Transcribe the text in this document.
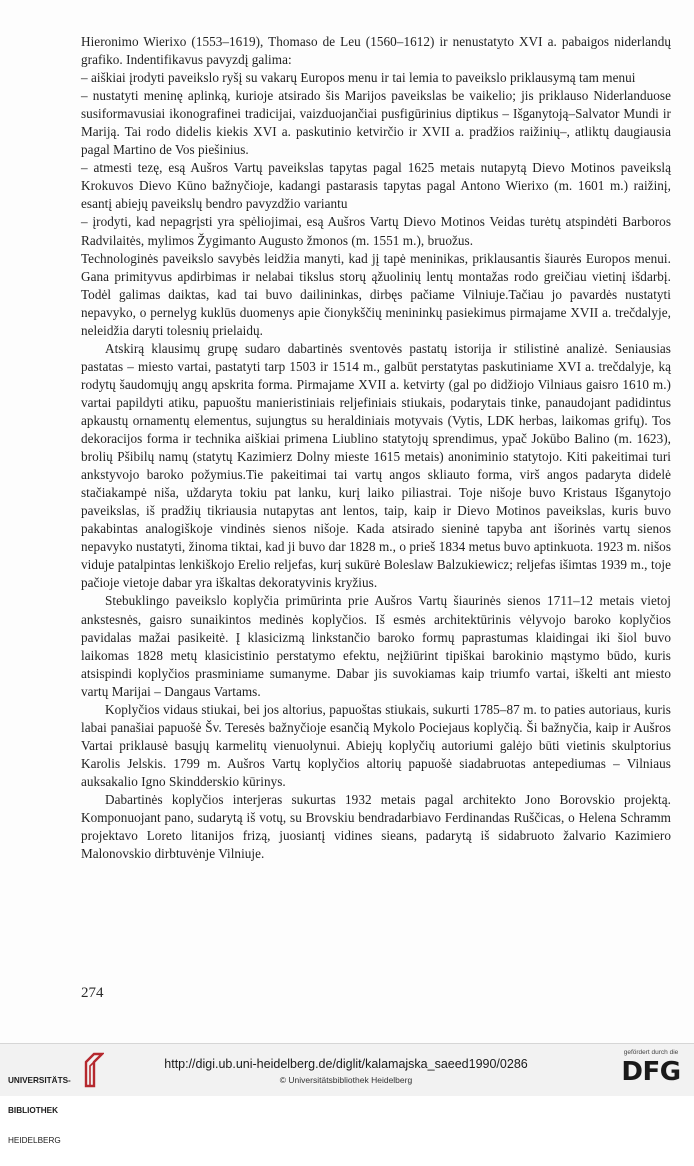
Hieronimo Wierixo (1553–1619), Thomaso de Leu (1560–1612) ir nenustatyto XVI a. pabaigos niderlandų grafiko. Indentifikavus pavyzdį galima:

– aiškiai įrodyti paveikslo ryšį su vakarų Europos menu ir tai lemia to paveikslo priklausymą tam menui

– nustatyti meninę aplinką, kurioje atsirado šis Marijos paveikslas be vaikelio; jis priklauso Niderlanduose susiformavusiai ikonografinei tradicijai, vaizduojančiai pusfigūrinius diptikus – Išganytoją–Salvator Mundi ir Mariją. Tai rodo didelis kiekis XVI a. paskutinio ketvirčio ir XVII a. pradžios raižinių–, atliktų daugiausia pagal Martino de Vos piešinius.

– atmesti tezę, esą Aušros Vartų paveikslas tapytas pagal 1625 metais nutapytą Dievo Motinos paveikslą Krokuvos Dievo Kūno bažnyčioje, kadangi pastarasis tapytas pagal Antono Wierixo (m. 1601 m.) raižinį, esantį abiejų paveikslų bendro pavyzdžio variantu

– įrodyti, kad nepagrįsti yra spėliojimai, esą Aušros Vartų Dievo Motinos Veidas turėtų atspindėti Barboros Radvilaitės, mylimos Žygimanto Augusto žmonos (m. 1551 m.), bruožus.

Technologinės paveikslo savybės leidžia manyti, kad jį tapė meninikas, priklausantis šiaurės Europos menui. Gana primityvus apdirbimas ir nelabai tikslus storų ąžuolinių lentų montažas rodo greičiau vietinį išdarbį. Todėl galimas daiktas, kad tai buvo dailininkas, dirbęs pačiame Vilniuje.Tačiau jo pavardės nustatyti nepavyko, o pernelyg kuklūs duomenys apie čionykščių menininkų pasiekimus pirmajame XVII a. trečdalyje, neleidžia daryti tolesnių prielaidų.

Atskirą klausimų grupę sudaro dabartinės sventovės pastatų istorija ir stilistinė analizė. Seniausias pastatas – miesto vartai, pastatyti tarp 1503 ir 1514 m., galbūt perstatytas paskutiniame XVI a. trečdalyje, ką rodytų šaudomųjų angų apskrita forma. Pirmajame XVII a. ketvirty (gal po didžiojo Vilniaus gaisro 1610 m.) vartai papildyti atiku, papuoštu manieristiniais reljefiniais stiukais, podarytais tinke, panaudojant padidintus apkaustų ornamentų elementus, sujungtus su heraldiniais motyvais (Vytis, LDK herbas, laikomas grifų). Tos dekoracijos forma ir technika aiškiai primena Liublino statytojų sprendimus, ypač Jokūbo Balino (m. 1623), brolių Pšibilų namų (statytų Kazimierz Dolny mieste 1615 metais) anoniminio statytojo. Kiti pakeitimai turi ankstyvojo baroko požymius.Tie pakeitimai tai vartų angos skliauto forma, virš angos padaryta didelė stačiakampė niša, uždaryta tokiu pat lanku, kurį laiko piliastrai. Toje nišoje buvo Kristaus Išganytojo paveikslas, iš pradžių tikriausia nutapytas ant lentos, taip, kaip ir Dievo Motinos paveikslas, kuris buvo pakabintas analogiškoje vindinės sienos nišoje. Kada atsirado sieninė tapyba ant išorinės vartų sienos nepavyko nustatyti, žinoma tiktai, kad ji buvo dar 1828 m., o prieš 1834 metus buvo aptinkuota. 1923 m. nišos viduje patalpintas lenkiškojo Erelio reljefas, kurį sukūrė Boleslaw Balzukiewicz; reljefas išimtas 1939 m., toje pačioje vietoje dabar yra iškaltas dekoratyvinis kryžius.

Stebuklingo paveikslo koplyčia primūrinta prie Aušros Vartų šiaurinės sienos 1711–12 metais vietoj ankstesnės, gaisro sunaikintos medinės koplyčios. Iš esmės architektūrinis vėlyvojo baroko koplyčios pavidalas mažai pasikeitė. Į klasicizmą linkstančio baroko formų paprastumas klaidingai iki šiol buvo laikomas 1828 metų klasicistinio perstatymo efektu, neįžiūrint tipiškai barokinio mąstymo būdo, kuris atsispindi koplyčios prasminiame sumanyme. Dabar jis suvokiamas kaip triumfo vartai, iškelti ant miesto vartų Marijai – Dangaus Vartams.

Koplyčios vidaus stiukai, bei jos altorius, papuoštas stiukais, sukurti 1785–87 m. to paties autoriaus, kuris labai panašiai papuošė Šv. Teresės bažnyčioje esančią Mykolo Pociejaus koplyčią. Ši bažnyčia, kaip ir Aušros Vartai priklausė basųjų karmelitų vienuolynui. Abiejų koplyčių autoriumi galėjo būti vietinis skulptorius Karolis Jelskis. 1799 m. Aušros Vartų koplyčios altorių papuošė siadabruotas antepediumas – Vilniaus auksakalio Igno Skindderskio kūrinys.

Dabartinės koplyčios interjeras sukurtas 1932 metais pagal architekto Jono Borovskio projektą. Komponuojant pano, sudarytą iš votų, su Brovskiu bendradarbiavo Ferdinandas Ruščicas, o Helena Schramm projektavo Loreto litanijos frizą, juosiantį vidines sieans, padarytą iš sidabruoto žalvario Kazimiero Malonovskio dirbtuvėnje Vilniuje.

274

UNIVERSITÄTS-

BIBLIOTHEK

HEIDELBERG

http://digi.ub.uni-heidelberg.de/diglit/kalamajska_saeed1990/0286
© Universitätsbibliothek Heidelberg
gefördert durch die
DFG
